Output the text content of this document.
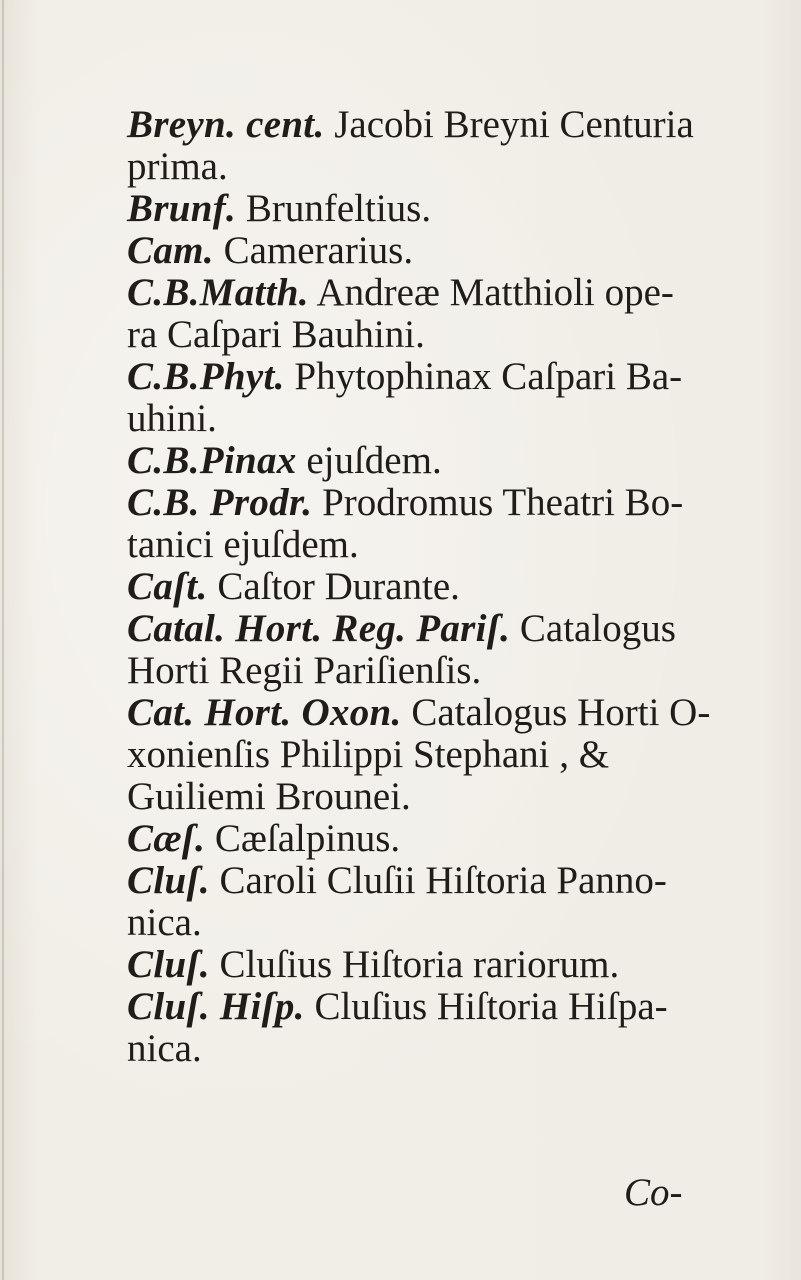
Breyn. cent. Jacobi Breyni Centuria
prima.

Brunf. Brunfeltius.

Cam. Camerarius.

C.B.Matth. Andreæ Matthioli ope-
ra Caſpari Bauhini.

C.B.Phyt. Phytophinax Caſpari Ba-
uhini.

C.B.Pinax ejuſdem.

C.B. Prodr. Prodromus Theatri Bo-
tanici ejuſdem.

Caſt. Caſtor Durante.

Catal. Hort. Reg. Pariſ. Catalogus
Horti Regii Pariſienſis.

Cat. Hort. Oxon. Catalogus Horti O-
xonienſis Philippi Stephani , &
Guiliemi Brounei.

Cæſ. Cæſalpinus.

Cluſ. Caroli Cluſii Hiſtoria Panno-
nica.

Cluſ. Cluſius Hiſtoria rariorum.

Cluſ. Hiſp. Cluſius Hiſtoria Hiſpa-
nica.

Co-
